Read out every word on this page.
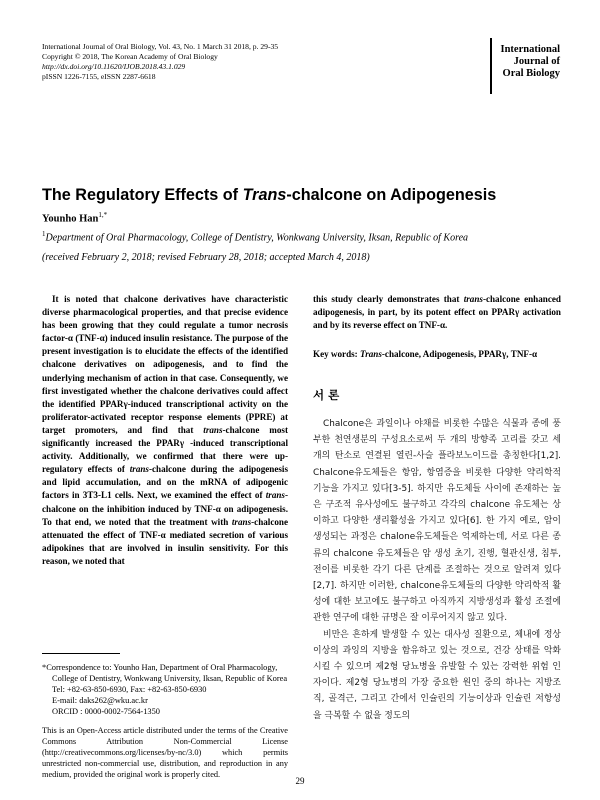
International Journal of Oral Biology, Vol. 43, No. 1 March 31 2018, p. 29-35
Copyright © 2018, The Korean Academy of Oral Biology
http://dx.doi.org/10.11620/IJOB.2018.43.1.029
pISSN 1226-7155, eISSN 2287-6618
International
Journal of
Oral Biology
The Regulatory Effects of Trans-chalcone on Adipogenesis
Younho Han$^{1,*}$
$^1$Department of Oral Pharmacology, College of Dentistry, Wonkwang University, Iksan, Republic of Korea
(received February 2, 2018; revised February 28, 2018; accepted March 4, 2018)
It is noted that chalcone derivatives have characteristic diverse pharmacological properties, and that precise evidence has been growing that they could regulate a tumor necrosis factor-α (TNF-α) induced insulin resistance. The purpose of the present investigation is to elucidate the effects of the identified chalcone derivatives on adipogenesis, and to find the underlying mechanism of action in that case. Consequently, we first investigated whether the chalcone derivatives could affect the identified PPARγ-induced transcriptional activity on the proliferator-activated receptor response elements (PPRE) at target promoters, and find that trans-chalcone most significantly increased the PPARγ -induced transcriptional activity. Additionally, we confirmed that there were up-regulatory effects of trans-chalcone during the adipogenesis and lipid accumulation, and on the mRNA of adipogenic factors in 3T3-L1 cells. Next, we examined the effect of trans-chalcone on the inhibition induced by TNF-α on adipogenesis. To that end, we noted that the treatment with trans-chalcone attenuated the effect of TNF-α mediated secretion of various adipokines that are involved in insulin sensitivity. For this reason, we noted that
this study clearly demonstrates that trans-chalcone enhanced adipogenesis, in part, by its potent effect on PPARγ activation and by its reverse effect on TNF-α.
Key words: Trans-chalcone, Adipogenesis, PPARγ, TNF-α
서 론

Chalcone은 과일이나 야채를 비롯한 수많은 식물과 종에 풍부한 천연생분의 구성요소로써 두 개의 방향족 고리를 갖고 세 개의 탄소로 연결된 열린-사슬 플라보노이드를 총칭한다[1,2]. Chalcone유도체들은 항암, 항염증을 비롯한 다양한 약리학적 기능을 가지고 있다[3-5]. 하지만 유도체들 사이에 존재하는 높은 구조적 유사성에도 불구하고 각각의 chalcone 유도체는 상이하고 다양한 생리활성을 가지고 있다[6]. 한 가지 예로, 암이 생성되는 과정은 chalone유도체들은 억제하는데, 서로 다른 종류의 chalcone 유도체들은 암 생성 초기, 진행, 혈관신생, 침투, 전이를 비롯한 각기 다른 단계를 조절하는 것으로 알려져 있다[2,7]. 하지만 이러한, chalcone유도체들의 다양한 약리학적 활성에 대한 보고에도 불구하고 아직까지 지방생성과 활성 조절에 관한 연구에 대한 규명은 잘 이루어지지 않고 있다.

비만은 흔하게 발생할 수 있는 대사성 질환으로, 체내에 정상이상의 과잉의 지방을 함유하고 있는 것으로, 건강 상태를 악화시킬 수 있으며 제2형 당뇨병을 유발할 수 있는 강력한 위험 인자이다. 제2형 당뇨병의 가장 중요한 원인 중의 하나는 지방조직, 골격근, 그리고 간에서 인슐린의 기능이상과 인슐린 저항성을 극복할 수 없을 정도의

*Correspondence to: Younho Han, Department of Oral Pharmacology,
College of Dentistry, Wonkwang University, Iksan, Republic of Korea
Tel: +82-63-850-6930, Fax: +82-63-850-6930
E-mail: daks262@wku.ac.kr
ORCID : 0000-0002-7564-1350
This is an Open-Access article distributed under the terms of the Creative Commons Attribution Non-Commercial License (http://creativecommons.org/licenses/by-nc/3.0) which permits unrestricted non-commercial use, distribution, and reproduction in any medium, provided the original work is properly cited.
29
